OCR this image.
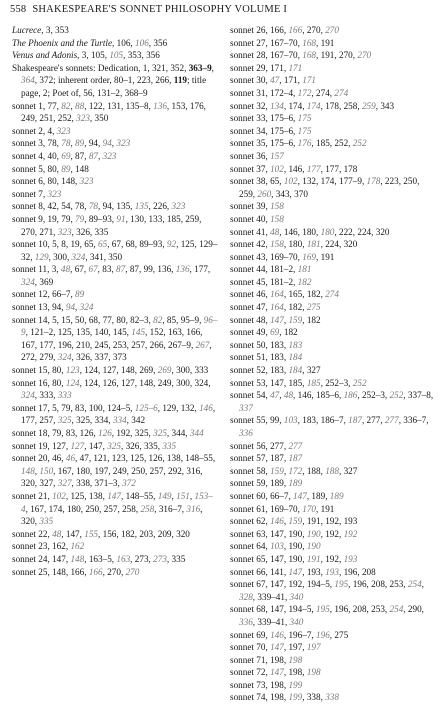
558 SHAKESPEARE'S SONNET PHILOSOPHY VOLUME I
Lucrece, 3, 353
The Phoenix and the Turtle, 106, 106, 356
Venus and Adonis, 3, 105, 105, 353, 356
Shakespeare's sonnets: Dedication, 1, 321, 352, 363–9, 364, 372; inherent order, 80–1, 223, 266, 119; title page, 2; Poet of, 56, 131–2, 368–9
sonnet 1, 77, 82, 88, 122, 131, 135–8, 136, 153, 176, 249, 251, 252, 323, 350
sonnet 2, 4, 323
sonnet 3, 78, 78, 89, 94, 94, 323
sonnet 4, 40, 69, 87, 87, 323
sonnet 5, 80, 89, 148
sonnet 6, 80, 148, 323
sonnet 7, 323
sonnet 8, 42, 54, 78, 78, 94, 135, 135, 226, 323
sonnet 9, 19, 79, 79, 89–93, 91, 130, 133, 185, 259, 270, 271, 323, 326, 335
sonnet 10, 5, 8, 19, 65, 65, 67, 68, 89–93, 92, 125, 129–32, 129, 300, 324, 341, 350
sonnet 11, 3, 48, 67, 67, 83, 87, 87, 99, 136, 136, 177, 324, 369
sonnet 12, 66–7, 89
sonnet 13, 94, 94, 324
sonnet 14, 5, 15, 50, 68, 77, 80, 82–3, 82, 85, 95–9, 96–9, 121–2, 125, 135, 140, 145, 145, 152, 163, 166, 167, 177, 196, 210, 245, 253, 257, 266, 267–9, 267, 272, 279, 324, 326, 337, 373
sonnet 15, 80, 123, 124, 127, 148, 269, 269, 300, 333
sonnet 16, 80, 124, 124, 126, 127, 148, 249, 300, 324, 324, 333, 333
sonnet 17, 5, 79, 83, 100, 124–5, 125–6, 129, 132, 146, 177, 257, 325, 325, 334, 334, 342
sonnet 18, 79, 83, 126, 126, 192, 325, 325, 344, 344
sonnet 19, 127, 127, 147, 325, 326, 335, 335
sonnet 20, 46, 46, 47, 121, 123, 125, 126, 138, 148–55, 148, 150, 167, 180, 197, 249, 250, 257, 292, 316, 320, 327, 327, 338, 371–3, 372
sonnet 21, 102, 125, 138, 147, 148–55, 149, 151, 153–4, 167, 174, 180, 250, 257, 258, 258, 316–7, 316, 320, 335
sonnet 22, 48, 147, 155, 156, 182, 203, 209, 320
sonnet 23, 162, 162
sonnet 24, 147, 148, 163–5, 163, 273, 273, 335
sonnet 25, 148, 166, 166, 270, 270
sonnet 26, 166, 166, 270, 270
sonnet 27, 167–70, 168, 191
sonnet 28, 167–70, 168, 191, 270, 270
sonnet 29, 171, 171
sonnet 30, 47, 171, 171
sonnet 31, 172–4, 172, 274, 274
sonnet 32, 134, 174, 174, 178, 258, 259, 343
sonnet 33, 175–6, 175
sonnet 34, 175–6, 175
sonnet 35, 175–6, 176, 185, 252, 252
sonnet 36, 157
sonnet 37, 102, 146, 177, 177, 178
sonnet 38, 65, 102, 132, 174, 177–9, 178, 223, 250, 259, 260, 343, 370
sonnet 39, 158
sonnet 40, 158
sonnet 41, 48, 146, 180, 180, 222, 224, 320
sonnet 42, 158, 180, 181, 224, 320
sonnet 43, 169–70, 169, 191
sonnet 44, 181–2, 181
sonnet 45, 181–2, 182
sonnet 46, 164, 165, 182, 274
sonnet 47, 164, 182, 275
sonnet 48, 147, 159, 182
sonnet 49, 69, 182
sonnet 50, 183, 183
sonnet 51, 183, 184
sonnet 52, 183, 184, 327
sonnet 53, 147, 185, 185, 252–3, 252
sonnet 54, 47, 48, 146, 185–6, 186, 252–3, 252, 337–8, 337
sonnet 55, 99, 103, 183, 186–7, 187, 277, 277, 336–7, 336
sonnet 56, 277, 277
sonnet 57, 187, 187
sonnet 58, 159, 172, 188, 188, 327
sonnet 59, 189, 189
sonnet 60, 66–7, 147, 189, 189
sonnet 61, 169–70, 170, 191
sonnet 62, 146, 159, 191, 192, 193
sonnet 63, 147, 190, 190, 192, 192
sonnet 64, 103, 190, 190
sonnet 65, 147, 190, 191, 192, 193
sonnet 66, 141, 147, 193, 193, 196, 208
sonnet 67, 147, 192, 194–5, 195, 196, 208, 253, 254, 328, 339–41, 340
sonnet 68, 147, 194–5, 195, 196, 208, 253, 254, 290, 336, 339–41, 340
sonnet 69, 146, 196–7, 196, 275
sonnet 70, 147, 197, 197
sonnet 71, 198, 198
sonnet 72, 147, 198, 198
sonnet 73, 198, 199
sonnet 74, 198, 199, 338, 338
